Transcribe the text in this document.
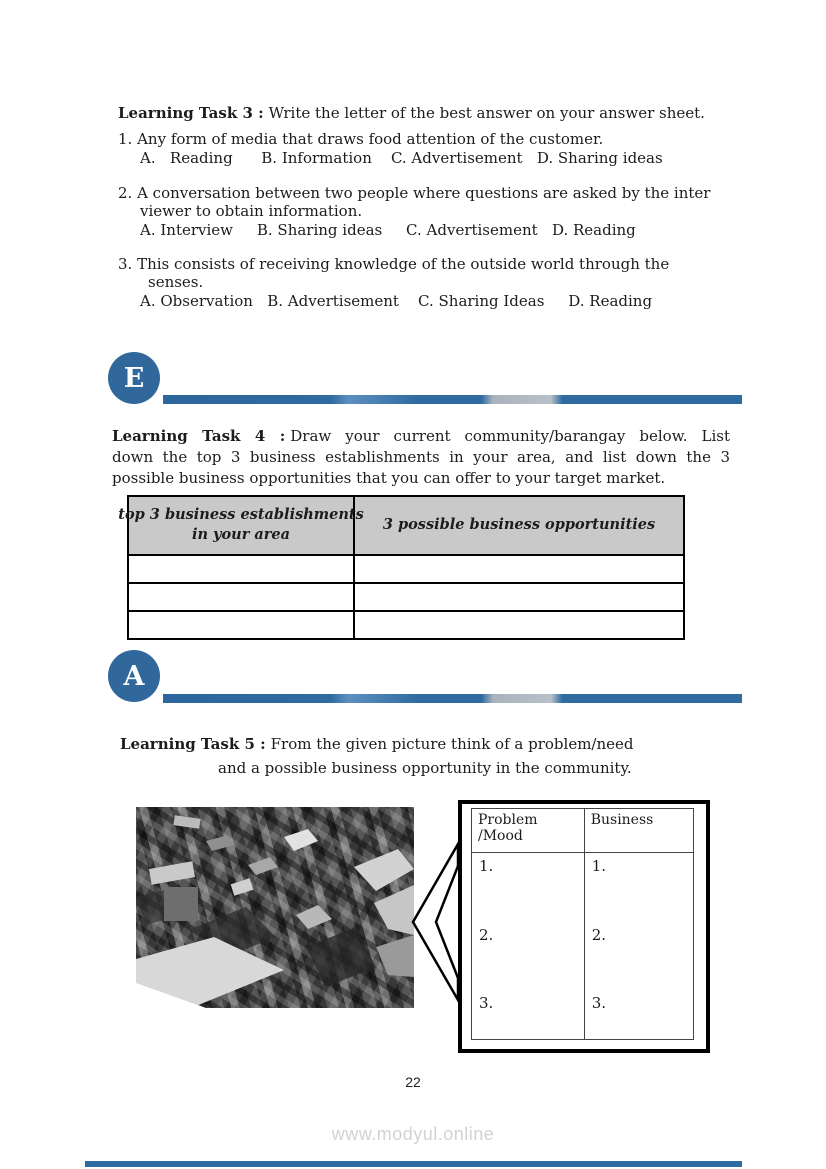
Learning Task 3 : Write the letter of the best answer on your answer sheet.
1. Any form of media that draws food attention of the customer.
A.   Reading      B. Information    C. Advertisement   D. Sharing ideas
2. A conversation between two people where questions are asked by the inter
viewer to obtain information.
A. Interview     B. Sharing ideas     C. Advertisement   D. Reading
3. This consists of receiving knowledge of the outside world through the
senses.
A. Observation   B. Advertisement    C. Sharing Ideas     D. Reading
E
Learning Task 4 : Draw your current community/barangay below. List
down the top 3 business establishments in your area, and list down the 3
possible business opportunities that you can offer to your target market.
top 3 business establishments
in your area
3 possible business opportunities
A
Learning Task 5 : From the given picture think of a problem/need
and a possible business opportunity in the community.
Problem /Mood
1.
2.
3.
Business
1.
2.
3.
22
www.modyul.online
